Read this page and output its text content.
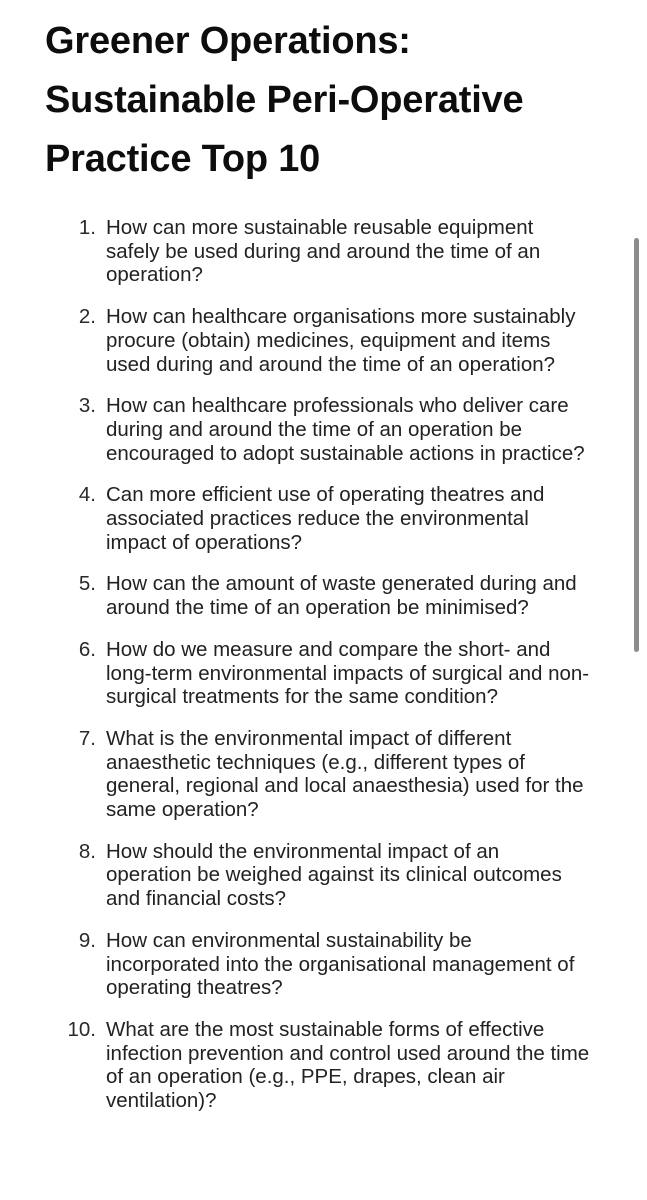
Greener Operations: Sustainable Peri-Operative Practice Top 10
1. How can more sustainable reusable equipment safely be used during and around the time of an operation?
2. How can healthcare organisations more sustainably procure (obtain) medicines, equipment and items used during and around the time of an operation?
3. How can healthcare professionals who deliver care during and around the time of an operation be encouraged to adopt sustainable actions in practice?
4. Can more efficient use of operating theatres and associated practices reduce the environmental impact of operations?
5. How can the amount of waste generated during and around the time of an operation be minimised?
6. How do we measure and compare the short- and long-term environmental impacts of surgical and non-surgical treatments for the same condition?
7. What is the environmental impact of different anaesthetic techniques (e.g., different types of general, regional and local anaesthesia) used for the same operation?
8. How should the environmental impact of an operation be weighed against its clinical outcomes and financial costs?
9. How can environmental sustainability be incorporated into the organisational management of operating theatres?
10. What are the most sustainable forms of effective infection prevention and control used around the time of an operation (e.g., PPE, drapes, clean air ventilation)?
